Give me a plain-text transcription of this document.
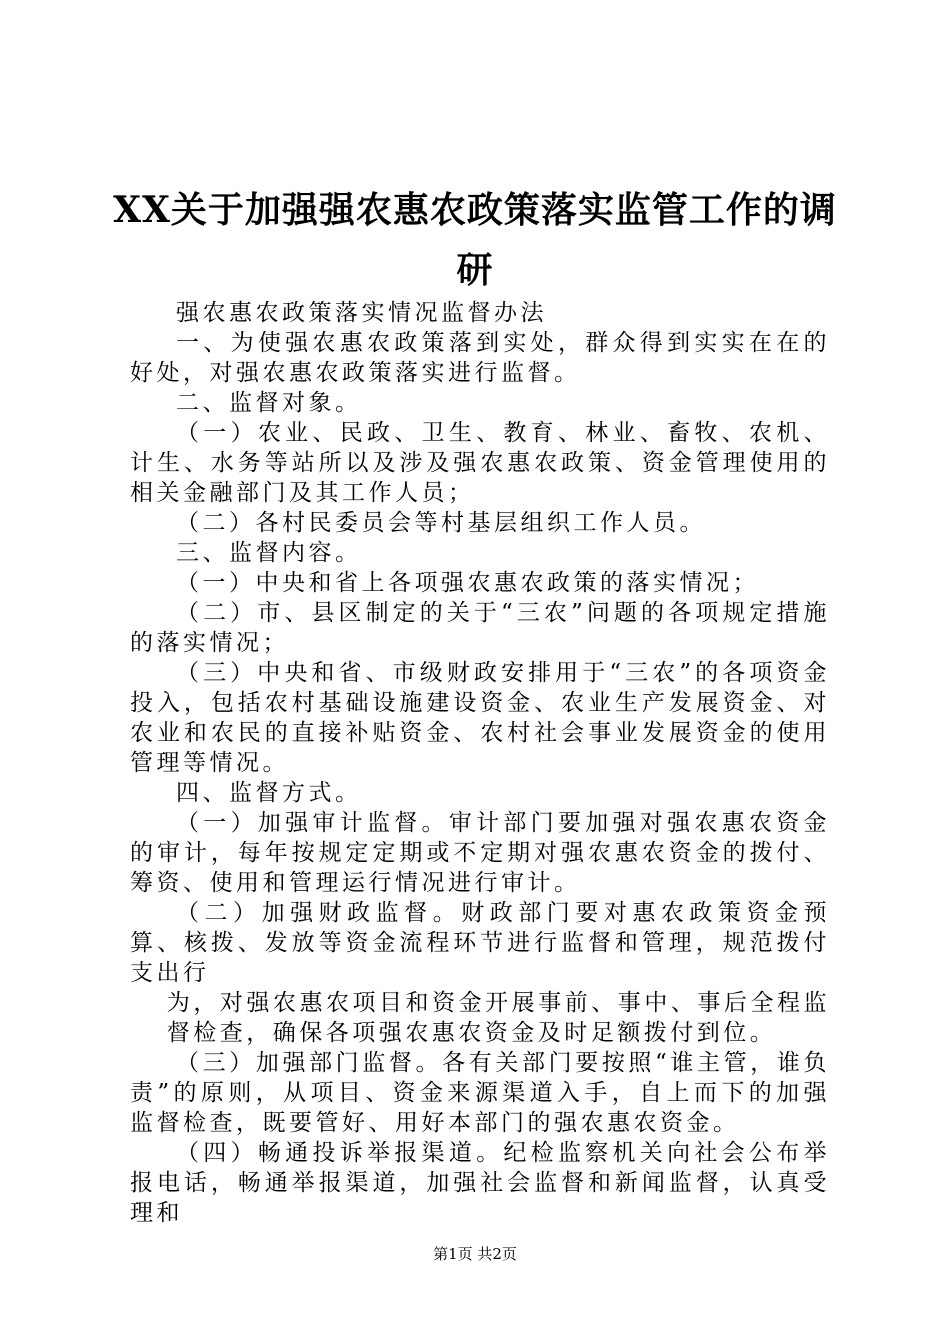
XX关于加强强农惠农政策落实监管工作的调
研

强农惠农政策落实情况监督办法

一、为使强农惠农政策落到实处，群众得到实实在在的好处，对强农惠农政策落实进行监督。

二、监督对象。

（一）农业、民政、卫生、教育、林业、畜牧、农机、计生、水务等站所以及涉及强农惠农政策、资金管理使用的相关金融部门及其工作人员；

（二）各村民委员会等村基层组织工作人员。

三、监督内容。

（一）中央和省上各项强农惠农政策的落实情况；

（二）市、县区制定的关于“三农”问题的各项规定措施的落实情况；

（三）中央和省、市级财政安排用于“三农”的各项资金投入，包括农村基础设施建设资金、农业生产发展资金、对农业和农民的直接补贴资金、农村社会事业发展资金的使用管理等情况。

四、监督方式。

（一）加强审计监督。审计部门要加强对强农惠农资金的审计，每年按规定定期或不定期对强农惠农资金的拨付、筹资、使用和管理运行情况进行审计。

（二）加强财政监督。财政部门要对惠农政策资金预算、核拨、发放等资金流程环节进行监督和管理，规范拨付支出行

为，对强农惠农项目和资金开展事前、事中、事后全程监督检查，确保各项强农惠农资金及时足额拨付到位。

（三）加强部门监督。各有关部门要按照“谁主管，谁负责”的原则，从项目、资金来源渠道入手，自上而下的加强监督检查，既要管好、用好本部门的强农惠农资金。

（四）畅通投诉举报渠道。纪检监察机关向社会公布举报电话，畅通举报渠道，加强社会监督和新闻监督，认真受理和

第1页 共2页
